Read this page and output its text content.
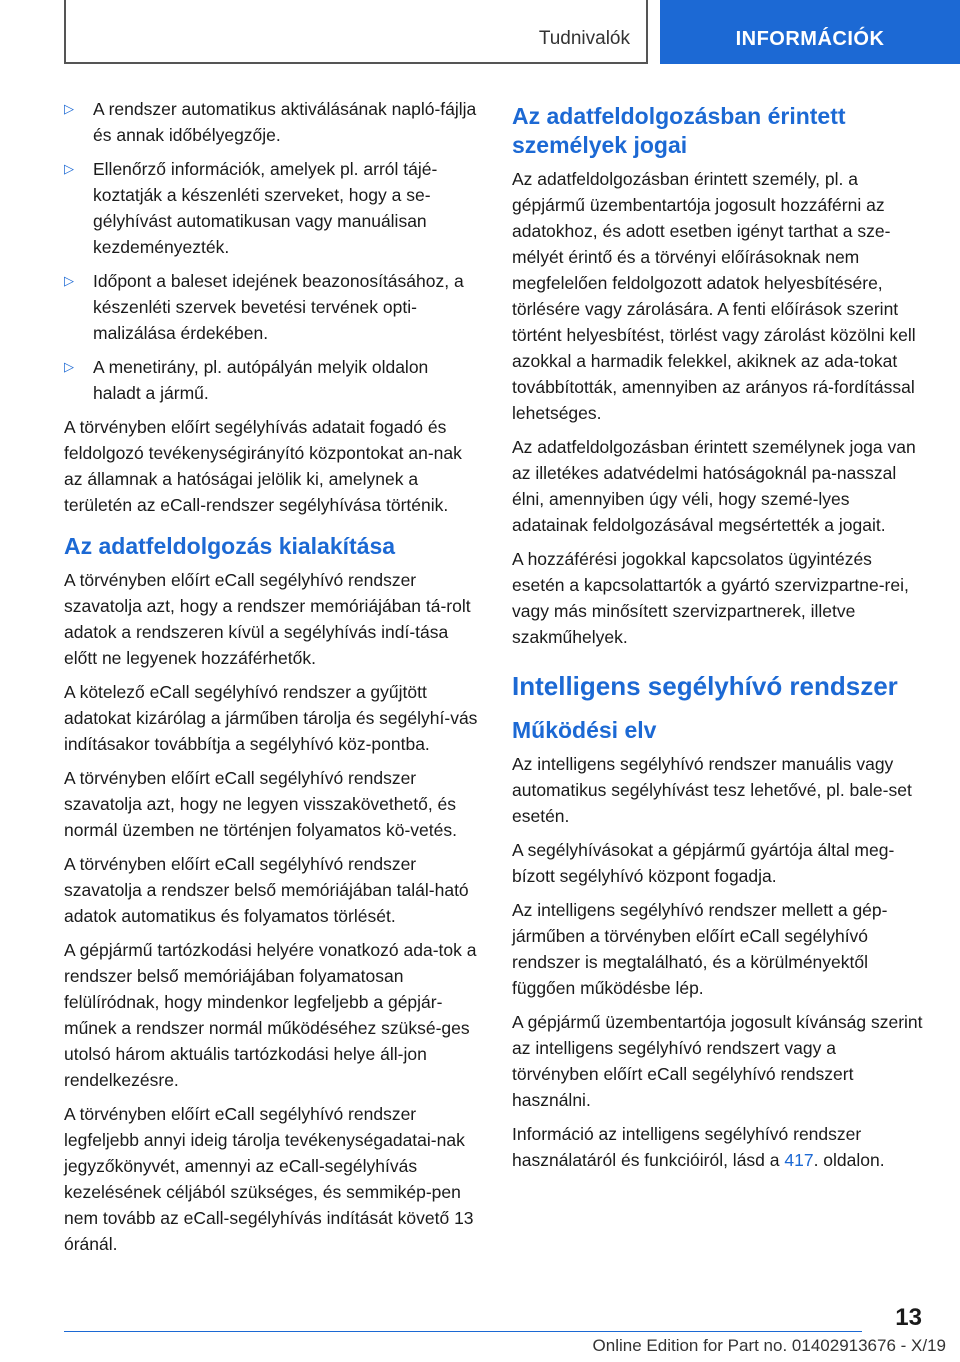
Tudnivalók	INFORMÁCIÓK
▷ A rendszer automatikus aktiválásának napló-fájlja és annak időbélyegzője.
▷ Ellenőrző információk, amelyek pl. arról tájé-koztatják a készenléti szerveket, hogy a se-gélyhívást automatikusan vagy manuálisan kezdeményezték.
▷ Időpont a baleset idejének beazonosításához, a készenléti szervek bevetési tervének opti-malizálása érdekében.
▷ A menetirány, pl. autópályán melyik oldalon haladt a jármű.

A törvényben előírt segélyhívás adatait fogadó és feldolgozó tevékenységirányító központokat an-nak az államnak a hatóságai jelölik ki, amelynek a területén az eCall-rendszer segélyhívása történik.

Az adatfeldolgozás kialakítása

A törvényben előírt eCall segélyhívó rendszer szavatolja azt, hogy a rendszer memóriájában tá-rolt adatok a rendszeren kívül a segélyhívás indí-tása előtt ne legyenek hozzáférhetők.

A kötelező eCall segélyhívó rendszer a gyűjtött adatokat kizárólag a járműben tárolja és segélyhí-vás indításakor továbbítja a segélyhívó köz-pontba.

A törvényben előírt eCall segélyhívó rendszer szavatolja azt, hogy ne legyen visszakövethető, és normál üzemben ne történjen folyamatos kö-vetés.

A törvényben előírt eCall segélyhívó rendszer szavatolja a rendszer belső memóriájában talál-ható adatok automatikus és folyamatos törlését.

A gépjármű tartózkodási helyére vonatkozó ada-tok a rendszer belső memóriájában folyamatosan felülíródnak, hogy mindenkor legfeljebb a gépjár-műnek a rendszer normál működéséhez szüksé-ges utolsó három aktuális tartózkodási helye áll-jon rendelkezésre.

A törvényben előírt eCall segélyhívó rendszer legfeljebb annyi ideig tárolja tevékenységadatai-nak jegyzőkönyvét, amennyi az eCall-segélyhívás kezelésének céljából szükséges, és semmikép-pen nem tovább az eCall-segélyhívás indítását követő 13 óránál.

Az adatfeldolgozásban érintett személyek jogai

Az adatfeldolgozásban érintett személy, pl. a gépjármű üzembentartója jogosult hozzáférni az adatokhoz, és adott esetben igényt tarthat a sze-mélyét érintő és a törvényi előírásoknak nem megfelelően feldolgozott adatok helyesbítésére, törlésére vagy zárolására. A fenti előírások szerint történt helyesbítést, törlést vagy zárolást közölni kell azokkal a harmadik felekkel, akiknek az ada-tokat továbbították, amennyiben az arányos rá-fordítással lehetséges.

Az adatfeldolgozásban érintett személynek joga van az illetékes adatvédelmi hatóságoknál pa-nasszal élni, amennyiben úgy véli, hogy szemé-lyes adatainak feldolgozásával megsértették a jogait.

A hozzáférési jogokkal kapcsolatos ügyintézés esetén a kapcsolattartók a gyártó szervizpartne-rei, vagy más minősített szervizpartnerek, illetve szakműhelyek.

Intelligens segélyhívó rendszer
Működési elv

Az intelligens segélyhívó rendszer manuális vagy automatikus segélyhívást tesz lehetővé, pl. bale-set esetén.

A segélyhívásokat a gépjármű gyártója által meg-bízott segélyhívó központ fogadja.

Az intelligens segélyhívó rendszer mellett a gép-járműben a törvényben előírt eCall segélyhívó rendszer is megtalálható, és a körülményektől függően működésbe lép.

A gépjármű üzembentartója jogosult kívánság szerint az intelligens segélyhívó rendszert vagy a törvényben előírt eCall segélyhívó rendszert használni.

Információ az intelligens segélyhívó rendszer használatáról és funkcióiról, lásd a 417. oldalon.

13
Online Edition for Part no. 01402913676 - X/19
